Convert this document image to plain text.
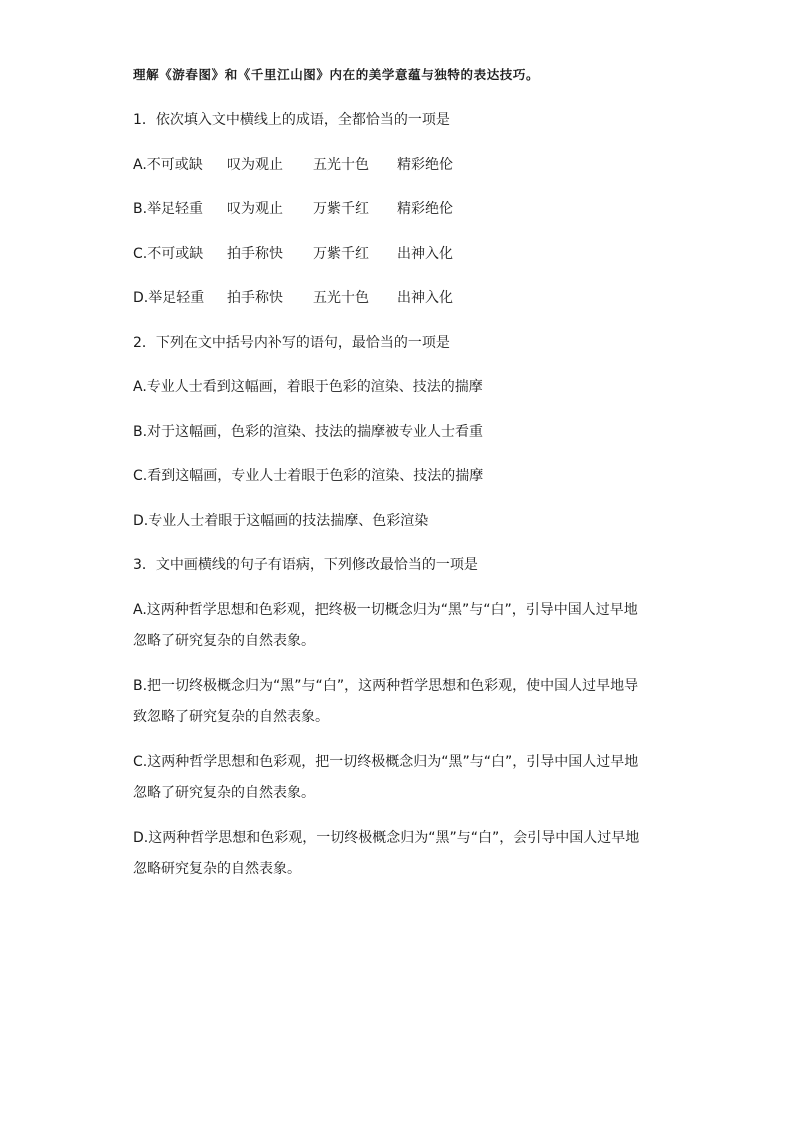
理解《游春图》和《千里江山图》内在的美学意蕴与独特的表达技巧。
1．依次填入文中横线上的成语，全都恰当的一项是
A.不可或缺 叹为观止 五光十色 精彩绝伦
B.举足轻重 叹为观止 万紫千红 精彩绝伦
C.不可或缺 拍手称快 万紫千红 出神入化
D.举足轻重 拍手称快 五光十色 出神入化
2．下列在文中括号内补写的语句，最恰当的一项是
A.专业人士看到这幅画，着眼于色彩的渲染、技法的揣摩
B.对于这幅画，色彩的渲染、技法的揣摩被专业人士看重
C.看到这幅画，专业人士着眼于色彩的渲染、技法的揣摩
D.专业人士着眼于这幅画的技法揣摩、色彩渲染
3．文中画横线的句子有语病，下列修改最恰当的一项是
A.这两种哲学思想和色彩观，把终极一切概念归为“黑”与“白”，引导中国人过早地
忽略了研究复杂的自然表象。
B.把一切终极概念归为“黑”与“白”，这两种哲学思想和色彩观，使中国人过早地导
致忽略了研究复杂的自然表象。
C.这两种哲学思想和色彩观，把一切终极概念归为“黑”与“白”，引导中国人过早地
忽略了研究复杂的自然表象。
D.这两种哲学思想和色彩观，一切终极概念归为“黑”与“白”，会引导中国人过早地
忽略研究复杂的自然表象。
